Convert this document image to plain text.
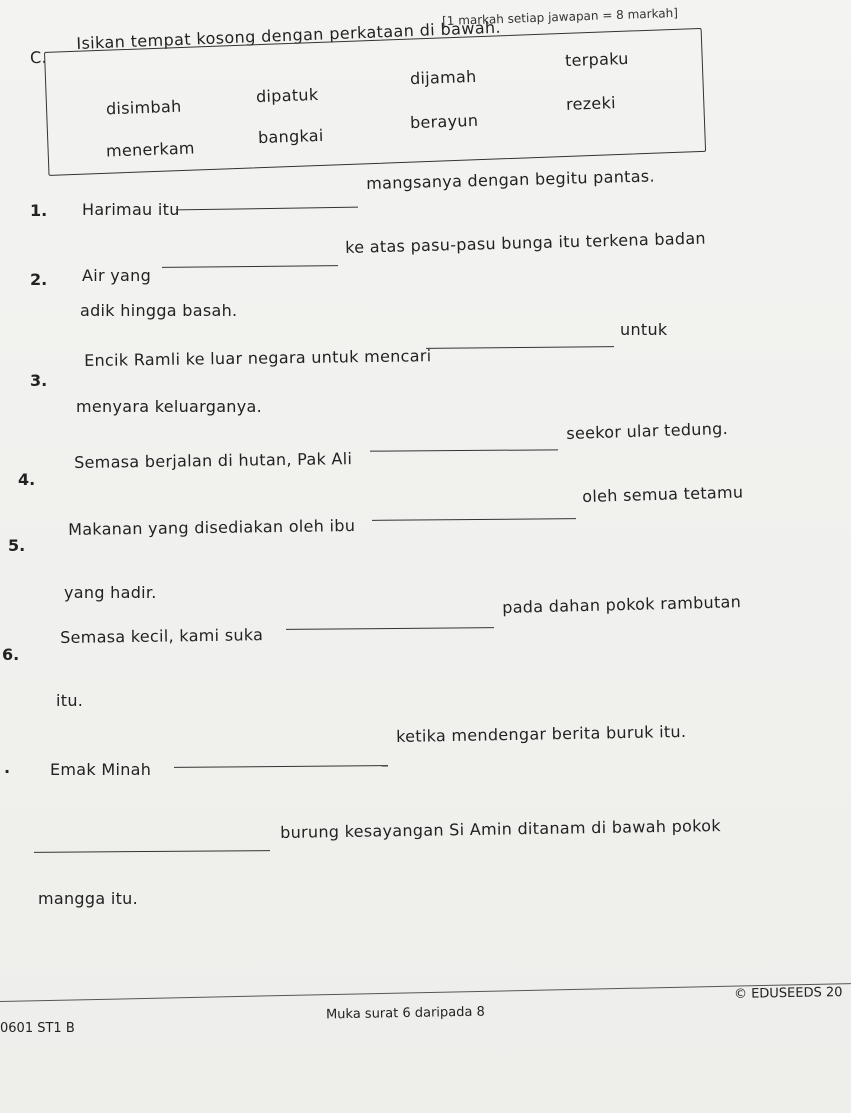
[1 markah setiap jawapan = 8 markah]
C.
Isikan tempat kosong dengan perkataan di bawah.
disimbah
dipatuk
dijamah
terpaku
menerkam
bangkai
berayun
rezeki
1. Harimau itu
mangsanya dengan begitu pantas.
2. Air yang
ke atas pasu-pasu bunga itu terkena badan
adik hingga basah.
3.
Encik Ramli ke luar negara untuk mencari
untuk
menyara keluarganya.
4.
Semasa berjalan di hutan, Pak Ali
seekor ular tedung.
5.
Makanan yang disediakan oleh ibu
oleh semua tetamu
yang hadir.
6.
Semasa kecil, kami suka
pada dahan pokok rambutan
itu.
. Emak Minah
ketika mendengar berita buruk itu.
burung kesayangan Si Amin ditanam di bawah pokok
mangga itu.
© EDUSEEDS 20
Muka surat 6 daripada 8
0601 ST1 B
